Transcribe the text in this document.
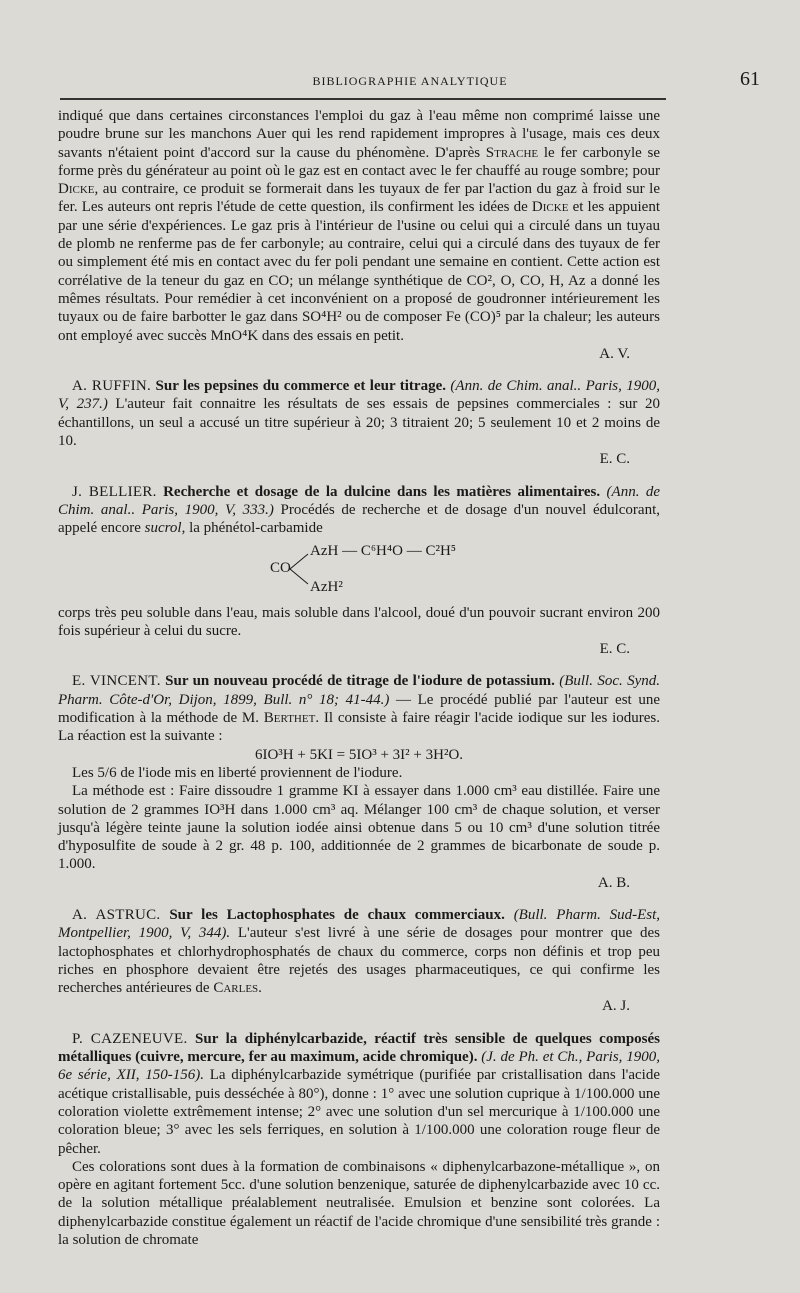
BIBLIOGRAPHIE ANALYTIQUE	61

indiqué que dans certaines circonstances l'emploi du gaz à l'eau même non comprimé laisse une poudre brune sur les manchons Auer qui les rend rapidement impropres à l'usage, mais ces deux savants n'étaient point d'accord sur la cause du phénomène. D'après Strache le fer carbonyle se forme près du générateur au point où le gaz est en contact avec le fer chauffé au rouge sombre; pour Dicke, au contraire, ce produit se formerait dans les tuyaux de fer par l'action du gaz à froid sur le fer. Les auteurs ont repris l'étude de cette question, ils confirment les idées de Dicke et les appuient par une série d'expériences. Le gaz pris à l'intérieur de l'usine ou celui qui a circulé dans un tuyau de plomb ne renferme pas de fer carbonyle; au contraire, celui qui a circulé dans des tuyaux de fer ou simplement été mis en contact avec du fer poli pendant une semaine en contient. Cette action est corrélative de la teneur du gaz en CO; un mélange synthétique de CO², O, CO, H, Az a donné les mêmes résultats. Pour remédier à cet inconvénient on a proposé de goudronner intérieurement les tuyaux ou de faire barbotter le gaz dans SO⁴H² ou de composer Fe (CO)⁵ par la chaleur; les auteurs ont employé avec succès MnO⁴K dans des essais en petit.

A. V.

A. RUFFIN. Sur les pepsines du commerce et leur titrage. (Ann. de Chim. anal.. Paris, 1900, V, 237.) L'auteur fait connaitre les résultats de ses essais de pepsines commerciales : sur 20 échantillons, un seul a accusé un titre supérieur à 20; 3 titraient 20; 5 seulement 10 et 2 moins de 10.

E. C.

J. BELLIER. Recherche et dosage de la dulcine dans les matières alimentaires. (Ann. de Chim. anal.. Paris, 1900, V, 333.) Procédés de recherche et de dosage d'un nouvel édulcorant, appelé encore sucrol, la phénétol-carbamide

CO
AzH — C⁶H⁴O — C²H⁵
AzH²

corps très peu soluble dans l'eau, mais soluble dans l'alcool, doué d'un pouvoir sucrant environ 200 fois supérieur à celui du sucre.

E. C.

E. VINCENT. Sur un nouveau procédé de titrage de l'iodure de potassium. (Bull. Soc. Synd. Pharm. Côte-d'Or, Dijon, 1899, Bull. n° 18; 41-44.) — Le procédé publié par l'auteur est une modification à la méthode de M. Berthet. Il consiste à faire réagir l'acide iodique sur les iodures. La réaction est la suivante :

6IO³H + 5KI = 5IO³ + 3I² + 3H²O.

Les 5/6 de l'iode mis en liberté proviennent de l'iodure.

La méthode est : Faire dissoudre 1 gramme KI à essayer dans 1.000 cm³ eau distillée. Faire une solution de 2 grammes IO³H dans 1.000 cm³ aq. Mélanger 100 cm³ de chaque solution, et verser jusqu'à légère teinte jaune la solution iodée ainsi obtenue dans 5 ou 10 cm³ d'une solution titrée d'hyposulfite de soude à 2 gr. 48 p. 100, additionnée de 2 grammes de bicarbonate de soude p. 1.000.

A. B.

A. ASTRUC. Sur les Lactophosphates de chaux commerciaux. (Bull. Pharm. Sud-Est, Montpellier, 1900, V, 344). L'auteur s'est livré à une série de dosages pour montrer que des lactophosphates et chlorhydrophosphatés de chaux du commerce, corps non définis et trop peu riches en phosphore devaient être rejetés des usages pharmaceutiques, ce qui confirme les recherches antérieures de Carles.

A. J.

P. CAZENEUVE. Sur la diphénylcarbazide, réactif très sensible de quelques composés métalliques (cuivre, mercure, fer au maximum, acide chromique). (J. de Ph. et Ch., Paris, 1900, 6e série, XII, 150-156). La diphénylcarbazide symétrique (purifiée par cristallisation dans l'acide acétique cristallisable, puis desséchée à 80°), donne : 1° avec une solution cuprique à 1/100.000 une coloration violette extrêmement intense; 2° avec une solution d'un sel mercurique à 1/100.000 une coloration bleue; 3° avec les sels ferriques, en solution à 1/100.000 une coloration rouge fleur de pêcher.

Ces colorations sont dues à la formation de combinaisons « diphenylcarbazone-métallique », on opère en agitant fortement 5cc. d'une solution benzenique, saturée de diphenylcarbazide avec 10 cc. de la solution métallique préalablement neutralisée. Emulsion et benzine sont colorées. La diphenylcarbazide constitue également un réactif de l'acide chromique d'une sensibilité très grande : la solution de chromate
